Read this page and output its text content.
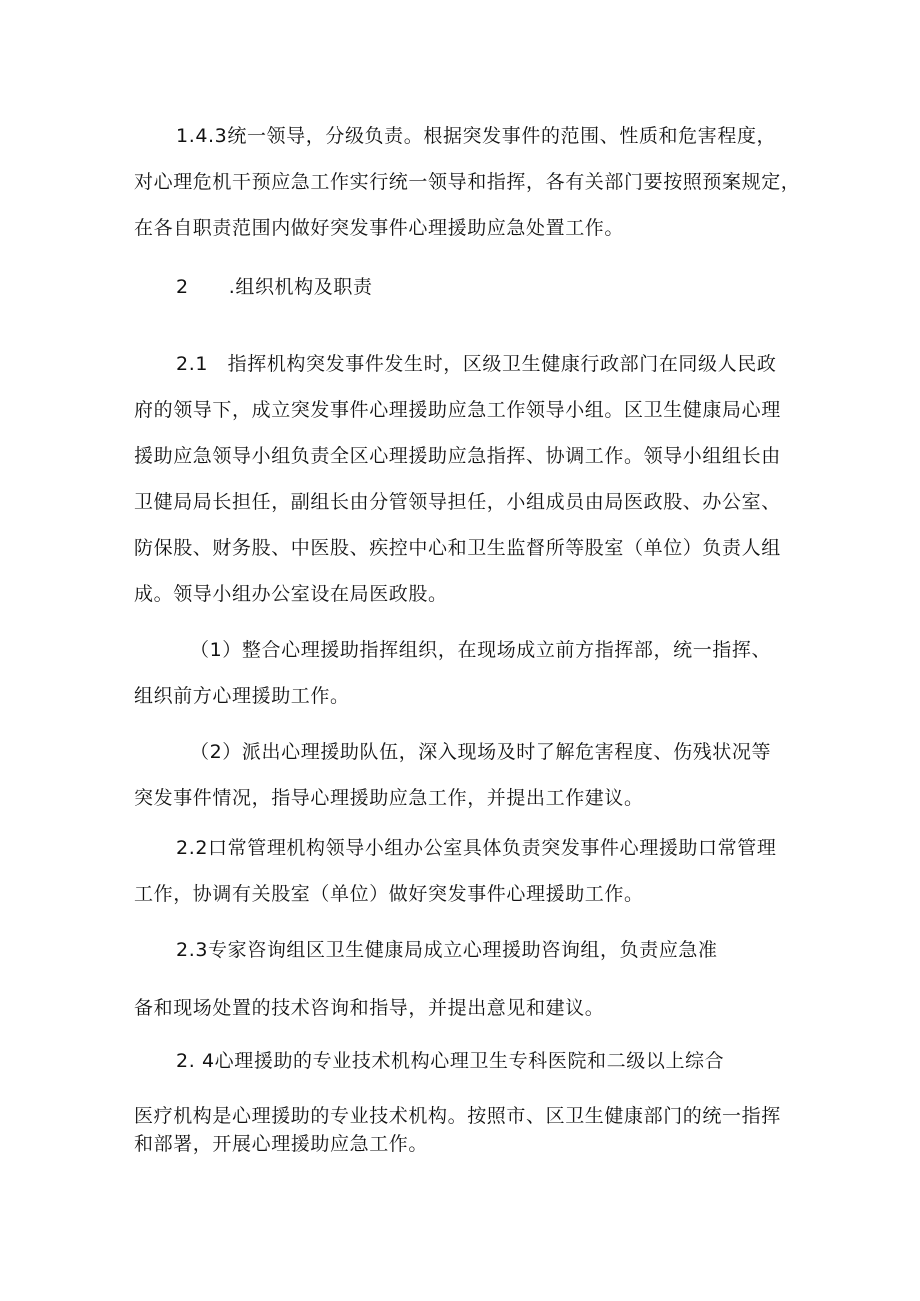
1.4.3统一领导，分级负责。根据突发事件的范围、性质和危害程度，
对心理危机干预应急工作实行统一领导和指挥，各有关部门要按照预案规定，
在各自职责范围内做好突发事件心理援助应急处置工作。
2 .组织机构及职责
2.1　指挥机构突发事件发生时，区级卫生健康行政部门在同级人民政
府的领导下，成立突发事件心理援助应急工作领导小组。区卫生健康局心理
援助应急领导小组负责全区心理援助应急指挥、协调工作。领导小组组长由
卫健局局长担任，副组长由分管领导担任，小组成员由局医政股、办公室、
防保股、财务股、中医股、疾控中心和卫生监督所等股室（单位）负责人组
成。领导小组办公室设在局医政股。
（1）整合心理援助指挥组织，在现场成立前方指挥部，统一指挥、
组织前方心理援助工作。
（2）派出心理援助队伍，深入现场及时了解危害程度、伤残状况等
突发事件情况，指导心理援助应急工作，并提出工作建议。
2.2口常管理机构领导小组办公室具体负责突发事件心理援助口常管理
工作，协调有关股室（单位）做好突发事件心理援助工作。
2.3专家咨询组区卫生健康局成立心理援助咨询组，负责应急准
备和现场处置的技术咨询和指导，并提出意见和建议。
2. 4心理援助的专业技术机构心理卫生专科医院和二级以上综合
医疗机构是心理援助的专业技术机构。按照市、区卫生健康部门的统一指挥
和部署，开展心理援助应急工作。
